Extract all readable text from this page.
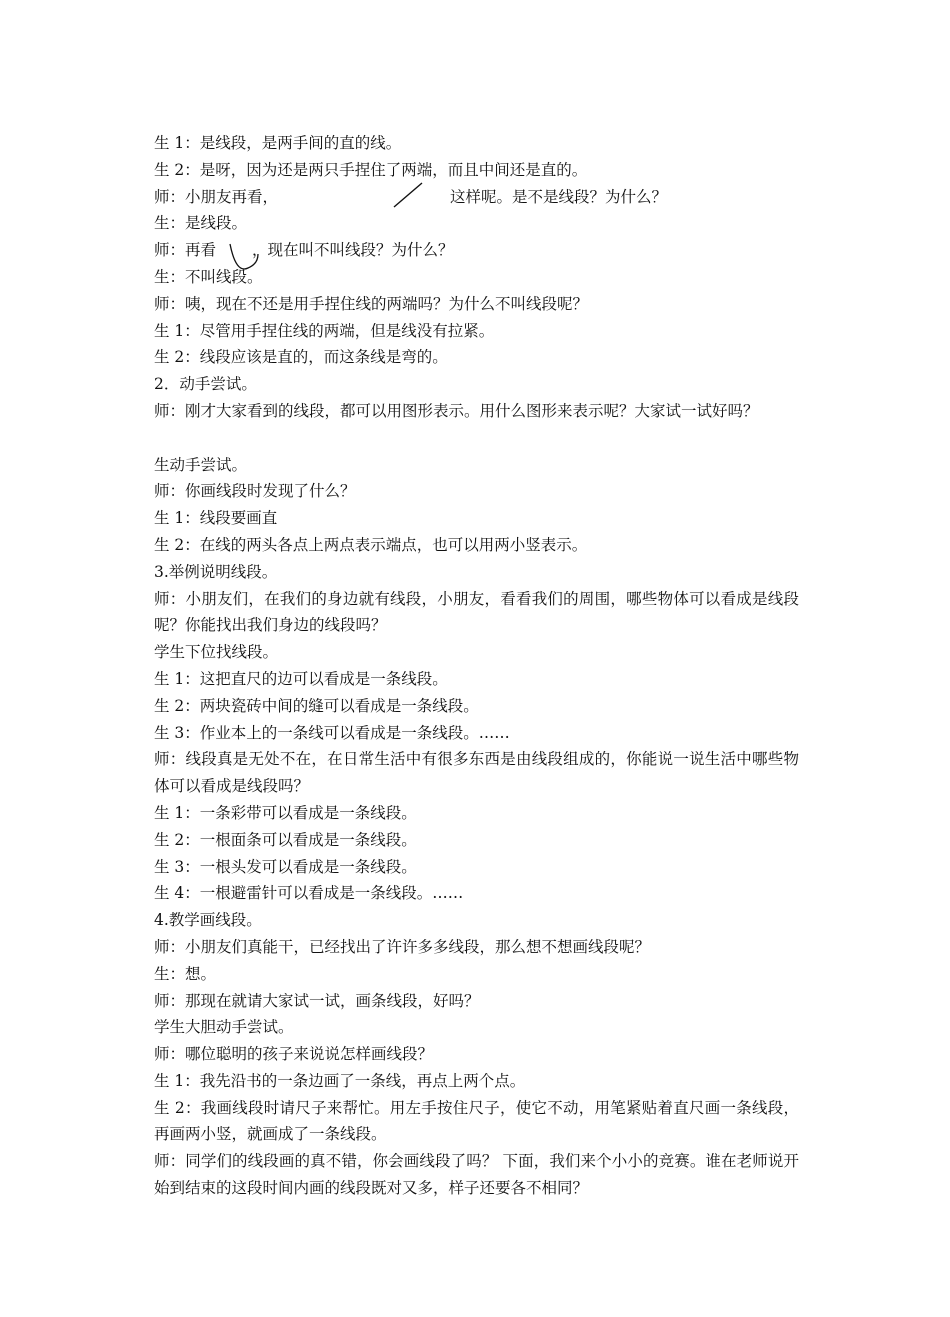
生 1：是线段，是两手间的直的线。
生 2：是呀，因为还是两只手捏住了两端，而且中间还是直的。
师：小朋友再看，	这样呢。是不是线段？为什么？
生：是线段。
师：再看 ，现在叫不叫线段？为什么？
生：不叫线段。
师：咦，现在不还是用手捏住线的两端吗？为什么不叫线段呢？
生 1：尽管用手捏住线的两端，但是线没有拉紧。
生 2：线段应该是直的，而这条线是弯的。
2．动手尝试。
师：刚才大家看到的线段，都可以用图形表示。用什么图形来表示呢？大家试一试好吗？
生动手尝试。
师：你画线段时发现了什么？
生 1：线段要画直
生 2：在线的两头各点上两点表示端点，也可以用两小竖表示。
3.举例说明线段。
师：小朋友们，在我们的身边就有线段，小朋友，看看我们的周围，哪些物体可以看成是线段呢？你能找出我们身边的线段吗？
学生下位找线段。
生 1：这把直尺的边可以看成是一条线段。
生 2：两块瓷砖中间的缝可以看成是一条线段。
生 3：作业本上的一条线可以看成是一条线段。……
师：线段真是无处不在，在日常生活中有很多东西是由线段组成的，你能说一说生活中哪些物体可以看成是线段吗？
生 1：一条彩带可以看成是一条线段。
生 2：一根面条可以看成是一条线段。
生 3：一根头发可以看成是一条线段。
生 4：一根避雷针可以看成是一条线段。……
4.教学画线段。
师：小朋友们真能干，已经找出了许许多多线段，那么想不想画线段呢？
生：想。
师：那现在就请大家试一试，画条线段，好吗？
学生大胆动手尝试。
师：哪位聪明的孩子来说说怎样画线段？
生 1：我先沿书的一条边画了一条线，再点上两个点。
生 2：我画线段时请尺子来帮忙。用左手按住尺子，使它不动，用笔紧贴着直尺画一条线段，再画两小竖，就画成了一条线段。
师：同学们的线段画的真不错，你会画线段了吗？ 下面，我们来个小小的竞赛。谁在老师说开始到结束的这段时间内画的线段既对又多，样子还要各不相同？
